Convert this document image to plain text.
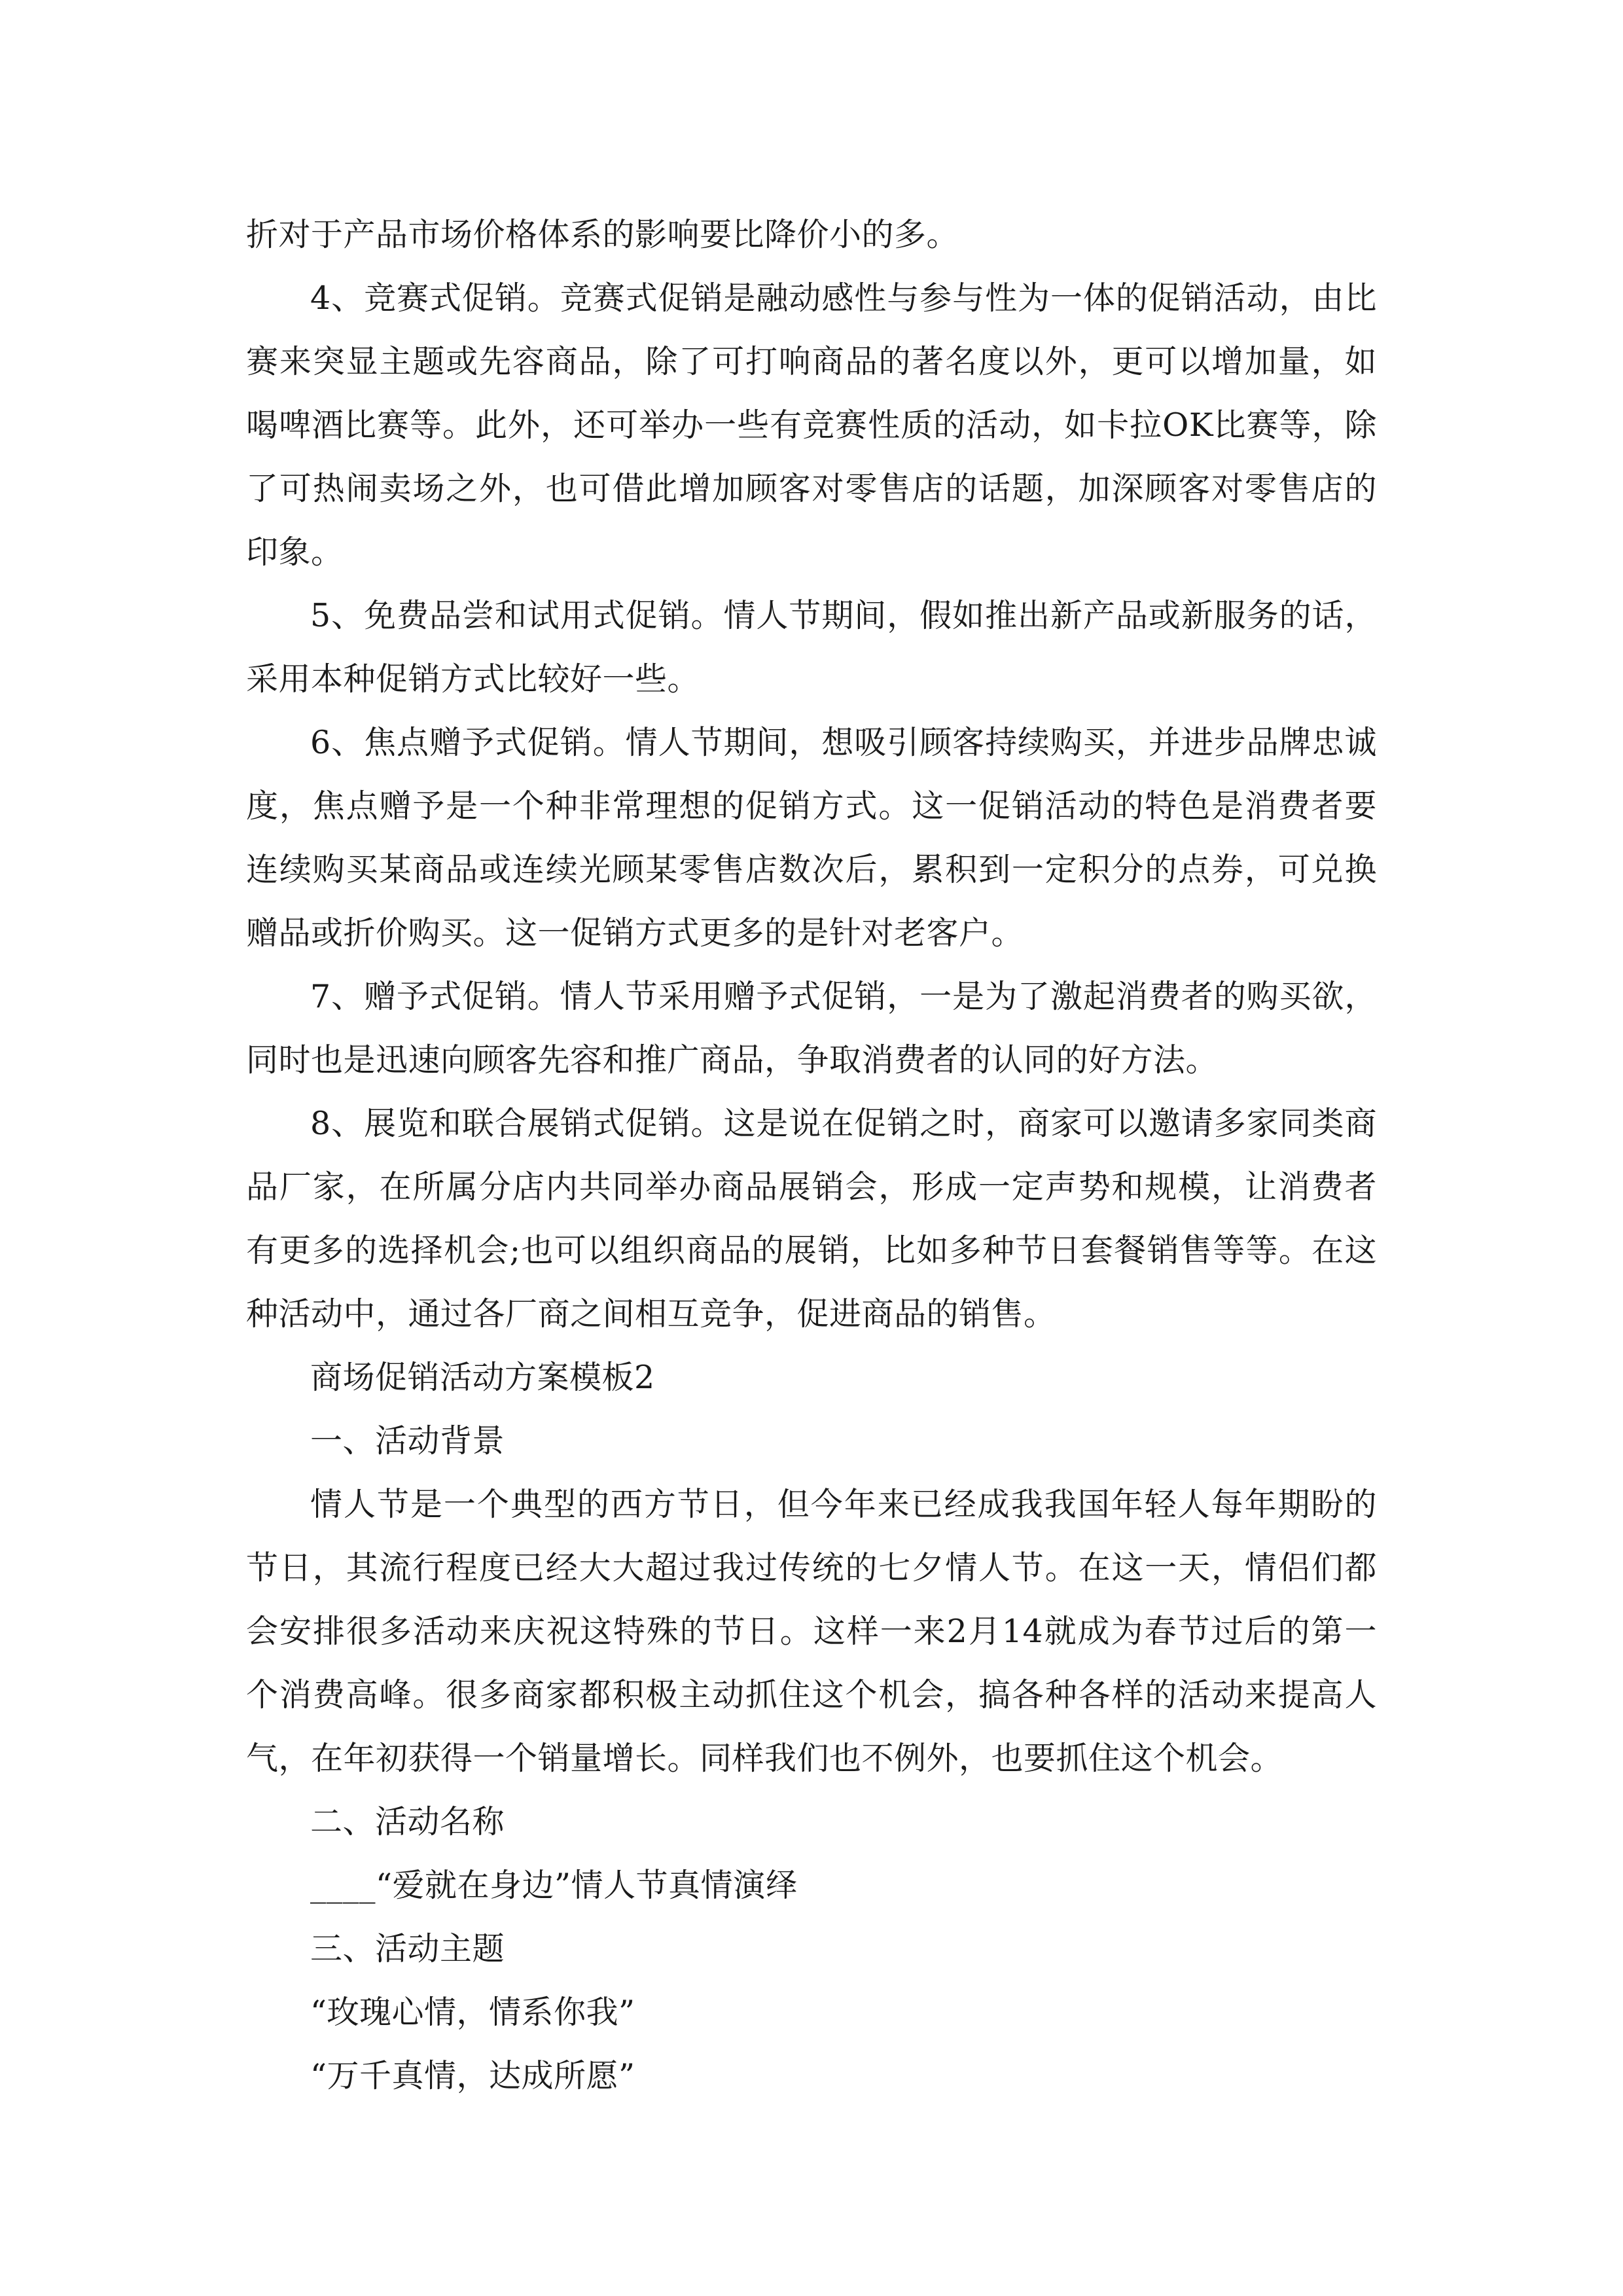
折对于产品市场价格体系的影响要比降价小的多。

4、竞赛式促销。竞赛式促销是融动感性与参与性为一体的促销活动，由比赛来突显主题或先容商品，除了可打响商品的著名度以外，更可以增加量，如喝啤酒比赛等。此外，还可举办一些有竞赛性质的活动，如卡拉OK比赛等，除了可热闹卖场之外，也可借此增加顾客对零售店的话题，加深顾客对零售店的印象。

5、免费品尝和试用式促销。情人节期间，假如推出新产品或新服务的话，采用本种促销方式比较好一些。

6、焦点赠予式促销。情人节期间，想吸引顾客持续购买，并进步品牌忠诚度，焦点赠予是一个种非常理想的促销方式。这一促销活动的特色是消费者要连续购买某商品或连续光顾某零售店数次后，累积到一定积分的点券，可兑换赠品或折价购买。这一促销方式更多的是针对老客户。

7、赠予式促销。情人节采用赠予式促销，一是为了激起消费者的购买欲，同时也是迅速向顾客先容和推广商品，争取消费者的认同的好方法。

8、展览和联合展销式促销。这是说在促销之时，商家可以邀请多家同类商品厂家，在所属分店内共同举办商品展销会，形成一定声势和规模，让消费者有更多的选择机会;也可以组织商品的展销，比如多种节日套餐销售等等。在这种活动中，通过各厂商之间相互竞争，促进商品的销售。

商场促销活动方案模板2

一、活动背景

情人节是一个典型的西方节日，但今年来已经成我我国年轻人每年期盼的节日，其流行程度已经大大超过我过传统的七夕情人节。在这一天，情侣们都会安排很多活动来庆祝这特殊的节日。这样一来2月14就成为春节过后的第一个消费高峰。很多商家都积极主动抓住这个机会，搞各种各样的活动来提高人气，在年初获得一个销量增长。同样我们也不例外，也要抓住这个机会。

二、活动名称

____“爱就在身边”情人节真情演绎

三、活动主题

“玫瑰心情，情系你我”

“万千真情，达成所愿”
